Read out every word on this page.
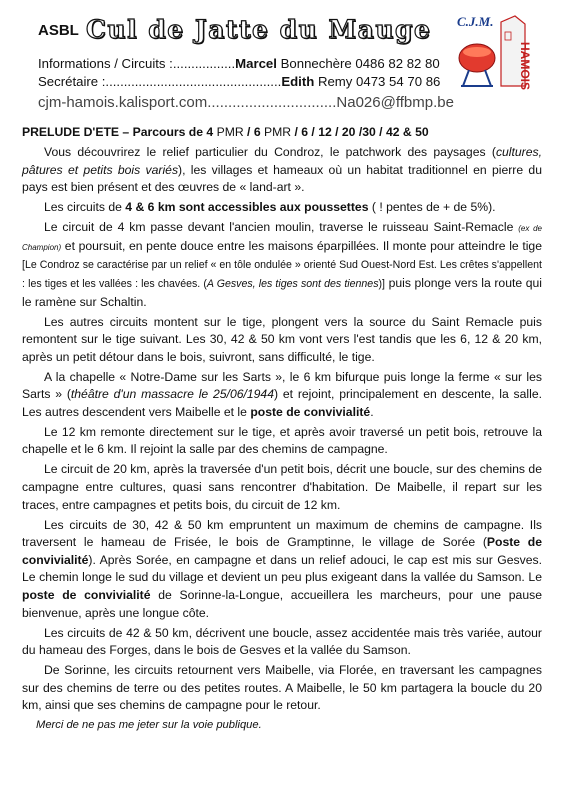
ASBL Cul de Jatte du Mauge C.J.M.
HAMOIS
Informations / Circuits :.................Marcel Bonnechère 0486 82 82 80
Secrétaire :................................................Edith Remy 0473 54 70 86
cjm-hamois.kalisport.com...............................Na026@ffbmp.be

PRELUDE D'ETE – Parcours de 4 PMR / 6 PMR / 6 / 12 / 20 /30 / 42 & 50

Vous découvrirez le relief particulier du Condroz, le patchwork des paysages (cultures, pâtures et petits bois variés), les villages et hameaux où un habitat traditionnel en pierre du pays est bien présent et des œuvres de « land-art ».

Les circuits de 4 & 6 km sont accessibles aux poussettes ( ! pentes de + de 5%).

Le circuit de 4 km passe devant l'ancien moulin, traverse le ruisseau Saint-Remacle (ex de Champion) et poursuit, en pente douce entre les maisons éparpillées. Il monte pour atteindre le tige [Le Condroz se caractérise par un relief « en tôle ondulée » orienté Sud Ouest-Nord Est. Les crêtes s'appellent : les tiges et les vallées : les chavées. (A Gesves, les tiges sont des tiennes)] puis plonge vers la route qui le ramène sur Schaltin.

Les autres circuits montent sur le tige, plongent vers la source du Saint Remacle puis remontent sur le tige suivant. Les 30, 42 & 50 km vont vers l'est tandis que les 6, 12 & 20 km, après un petit détour dans le bois, suivront, sans difficulté, le tige.

A la chapelle « Notre-Dame sur les Sarts », le 6 km bifurque puis longe la ferme « sur les Sarts » (théâtre d'un massacre le 25/06/1944) et rejoint, principalement en descente, la salle. Les autres descendent vers Maibelle et le poste de convivialité.

Le 12 km remonte directement sur le tige, et après avoir traversé un petit bois, retrouve la chapelle et le 6 km. Il rejoint la salle par des chemins de campagne.

Le circuit de 20 km, après la traversée d'un petit bois, décrit une boucle, sur des chemins de campagne entre cultures, quasi sans rencontrer d'habitation. De Maibelle, il repart sur les traces, entre campagnes et petits bois, du circuit de 12 km.

Les circuits de 30, 42 & 50 km empruntent un maximum de chemins de campagne. Ils traversent le hameau de Frisée, le bois de Gramptinne, le village de Sorée (Poste de convivialité). Après Sorée, en campagne et dans un relief adouci, le cap est mis sur Gesves. Le chemin longe le sud du village et devient un peu plus exigeant dans la vallée du Samson. Le poste de convivialité de Sorinne-la-Longue, accueillera les marcheurs, pour une pause bienvenue, après une longue côte.

Les circuits de 42 & 50 km, décrivent une boucle, assez accidentée mais très variée, autour du hameau des Forges, dans le bois de Gesves et la vallée du Samson.

De Sorinne, les circuits retournent vers Maibelle, via Florée, en traversant les campagnes sur des chemins de terre ou des petites routes. A Maibelle, le 50 km partagera la boucle du 20 km, ainsi que ses chemins de campagne pour le retour.

Merci de ne pas me jeter sur la voie publique.
